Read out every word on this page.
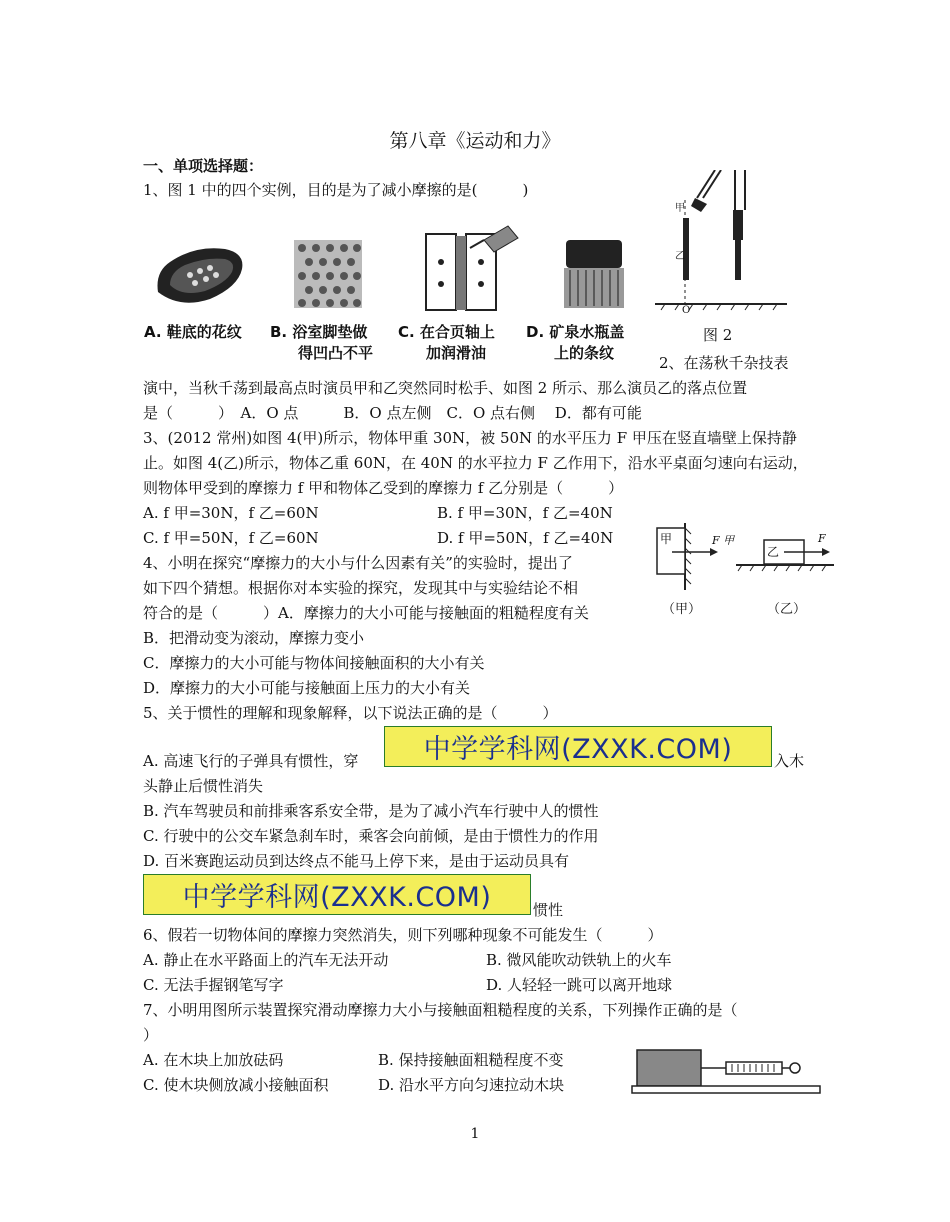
第八章《运动和力》
一、单项选择题：
1、图 1 中的四个实例，目的是为了减小摩擦的是(　　　)
A. 鞋底的花纹 B. 浴室脚垫做
得凹凸不平
C. 在合页轴上
加润滑油
D. 矿泉水瓶盖
上的条纹
甲
乙
O
图 2
2、在荡秋千杂技表
演中，当秋千荡到最高点时演员甲和乙突然同时松手、如图 2 所示、那么演员乙的落点位置
是（　　　）　A．O 点　　　B．O 点左侧　C．O 点右侧　 D．都有可能
3、(2012 常州)如图 4(甲)所示，物体甲重 30N，被 50N 的水平压力 F 甲压在竖直墙壁上保持静
止。如图 4(乙)所示，物体乙重 60N，在 40N 的水平拉力 F 乙作用下，沿水平桌面匀速向右运动，
则物体甲受到的摩擦力 f 甲和物体乙受到的摩擦力 f 乙分别是（　　　）
A. f 甲=30N，f 乙=60N	B. f 甲=30N，f 乙=40N
C. f 甲=50N，f 乙=60N	D. f 甲=50N，f 乙=40N	甲	F 甲
乙
F
（甲）	（乙）
4、小明在探究“摩擦力的大小与什么因素有关”的实验时，提出了
如下四个猜想。根据你对本实验的探究，发现其中与实验结论不相
符合的是（　　　）A．摩擦力的大小可能与接触面的粗糙程度有关
B．把滑动变为滚动，摩擦力变小
C．摩擦力的大小可能与物体间接触面积的大小有关
D．摩擦力的大小可能与接触面上压力的大小有关
5、关于惯性的理解和现象解释，以下说法正确的是（　　　）
A. 高速飞行的子弹具有惯性，穿	中学学科网(ZXXK.COM)	入木
头静止后惯性消失
B. 汽车驾驶员和前排乘客系安全带，是为了减小汽车行驶中人的惯性
C. 行驶中的公交车紧急刹车时，乘客会向前倾，是由于惯性力的作用
D. 百米赛跑运动员到达终点不能马上停下来，是由于运动员具有
中学学科网(ZXXK.COM)	惯性
6、假若一切物体间的摩擦力突然消失，则下列哪种现象不可能发生（　　　）
A. 静止在水平路面上的汽车无法开动	B. 微风能吹动铁轨上的火车
C. 无法手握钢笔写字	D. 人轻轻一跳可以离开地球
7、小明用图所示装置探究滑动摩擦力大小与接触面粗糙程度的关系，下列操作正确的是（
）
A. 在木块上加放砝码	B. 保持接触面粗糙程度不变
C. 使木块侧放减小接触面积	D. 沿水平方向匀速拉动木块
1
